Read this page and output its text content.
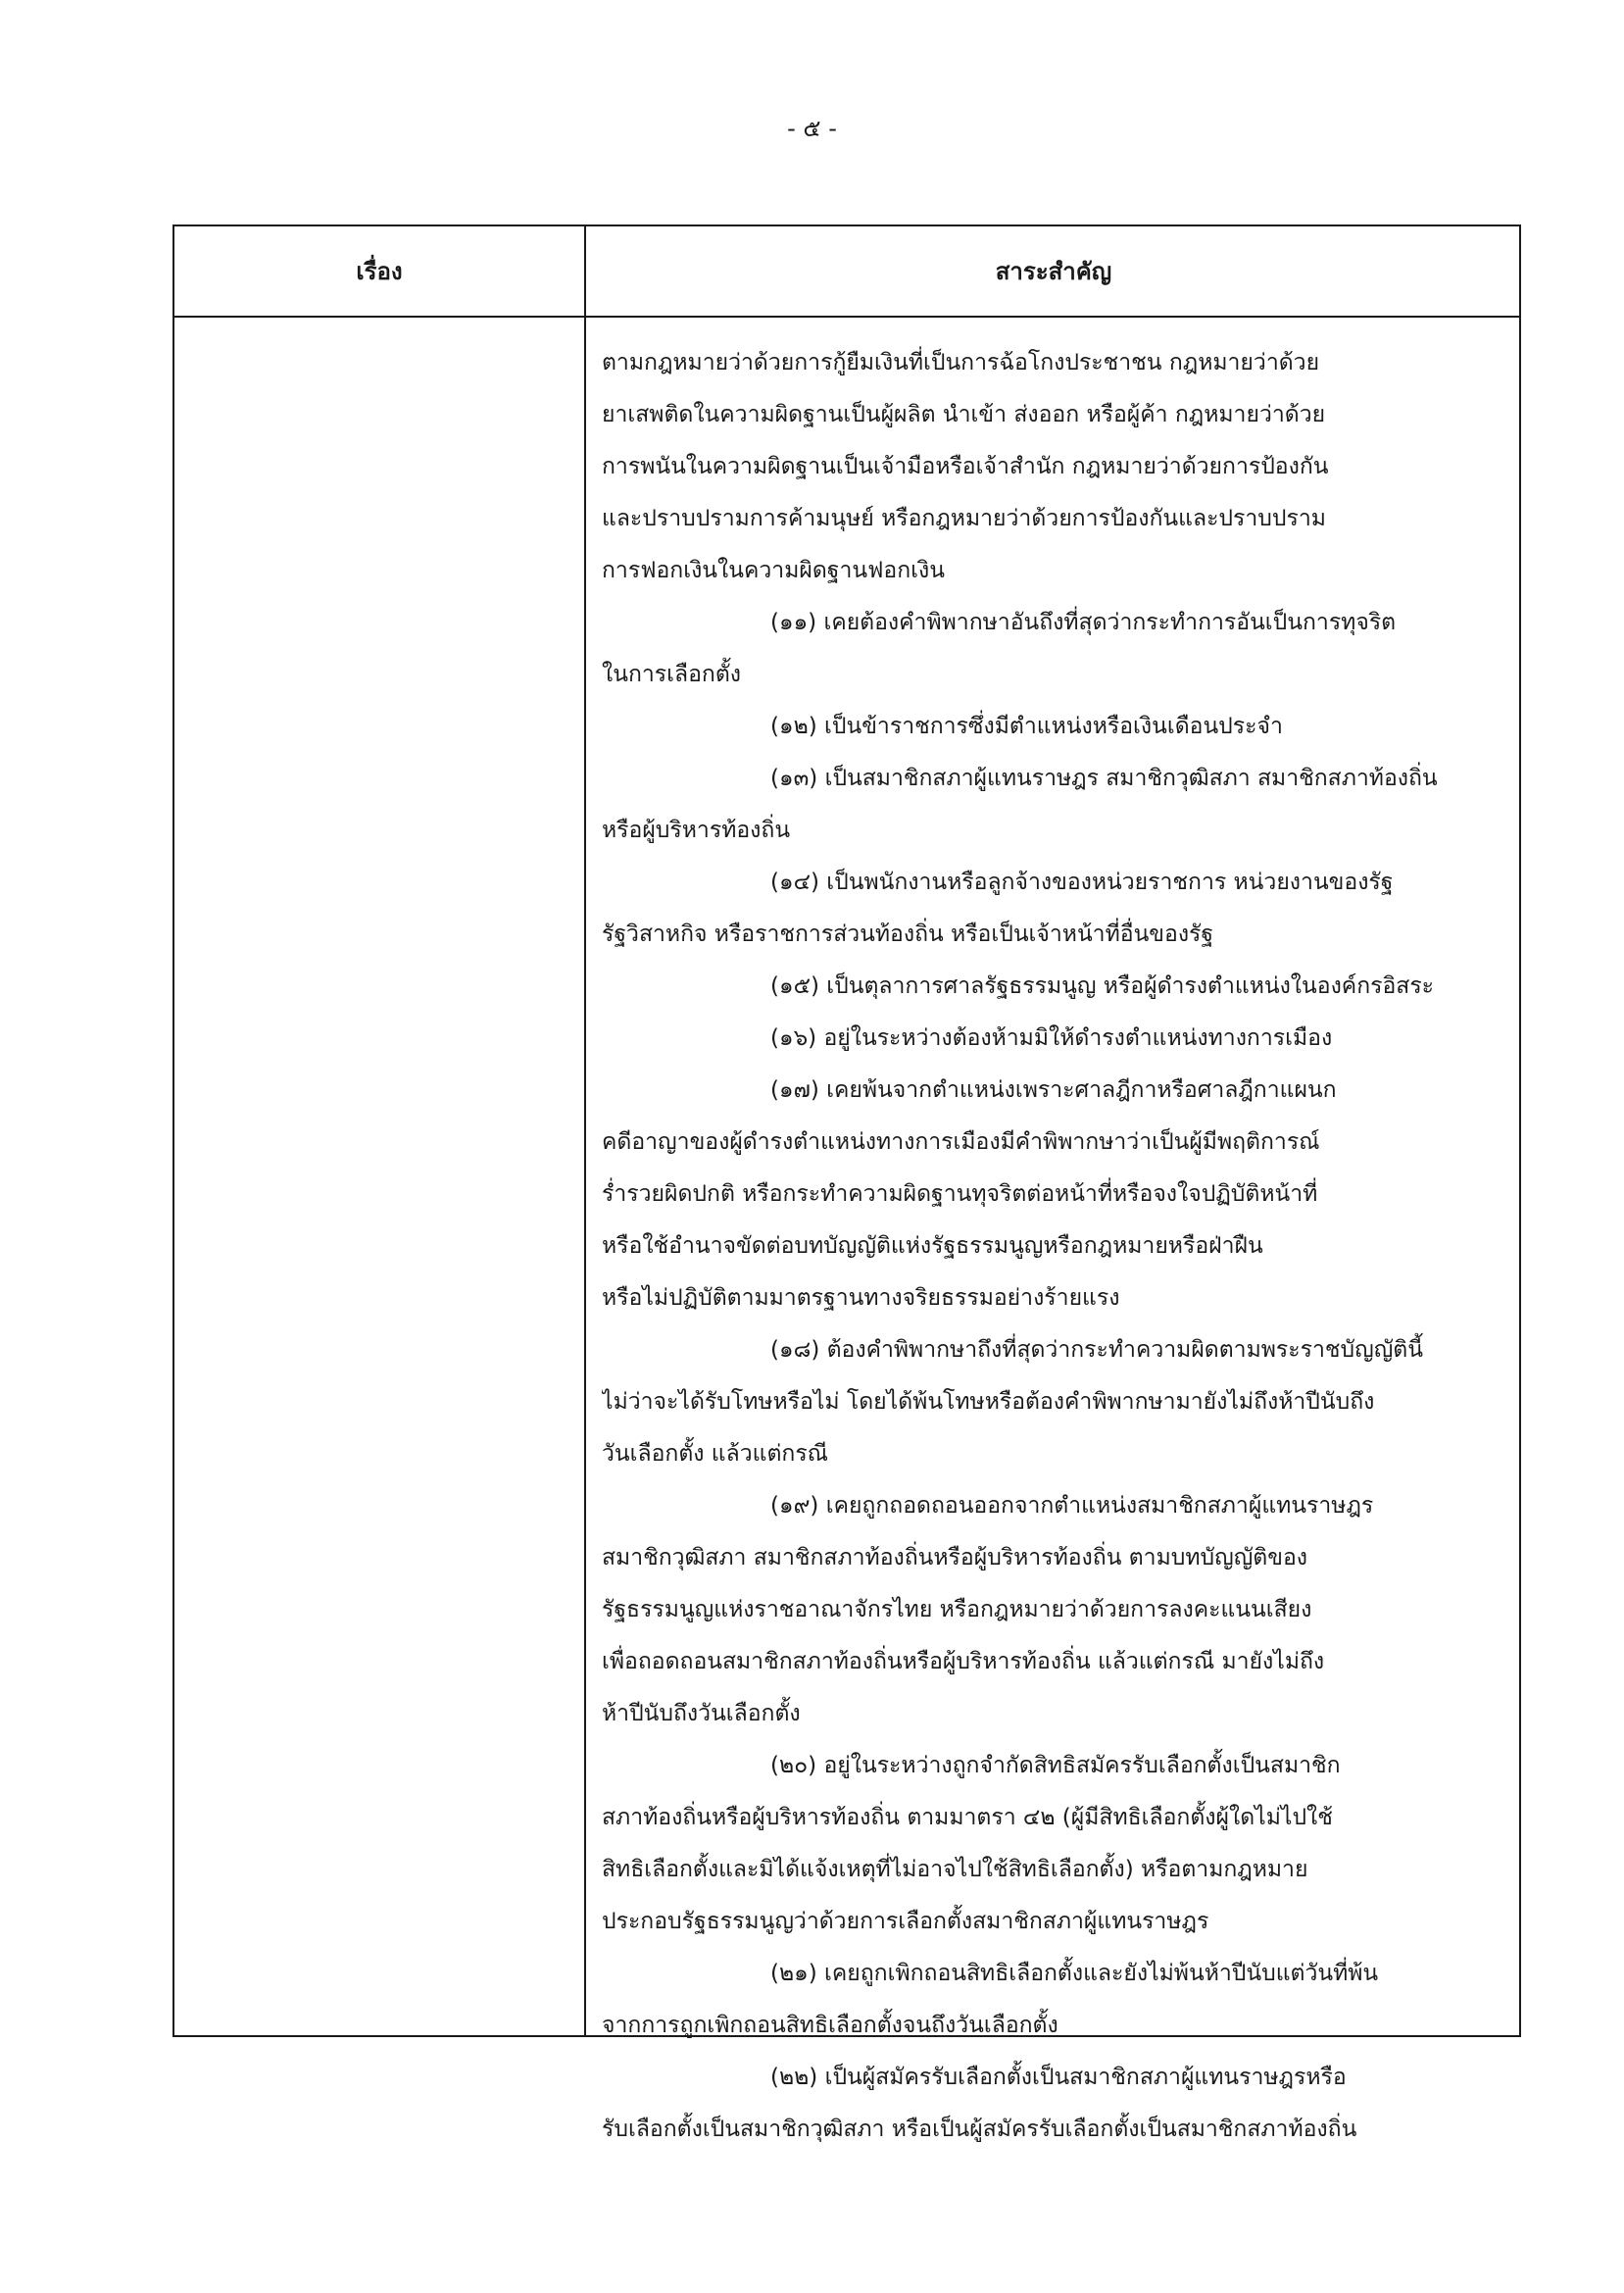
- ๕ -
เรื่อง	สาระสำคัญ
ตามกฎหมายว่าด้วยการกู้ยืมเงินที่เป็นการฉ้อโกงประชาชน กฎหมายว่าด้วย
ยาเสพติดในความผิดฐานเป็นผู้ผลิต นำเข้า ส่งออก หรือผู้ค้า กฎหมายว่าด้วย
การพนันในความผิดฐานเป็นเจ้ามือหรือเจ้าสำนัก กฎหมายว่าด้วยการป้องกัน
และปราบปรามการค้ามนุษย์ หรือกฎหมายว่าด้วยการป้องกันและปราบปราม
การฟอกเงินในความผิดฐานฟอกเงิน
(๑๑) เคยต้องคำพิพากษาอันถึงที่สุดว่ากระทำการอันเป็นการทุจริต
ในการเลือกตั้ง
(๑๒) เป็นข้าราชการซึ่งมีตำแหน่งหรือเงินเดือนประจำ
(๑๓) เป็นสมาชิกสภาผู้แทนราษฎร สมาชิกวุฒิสภา สมาชิกสภาท้องถิ่น
หรือผู้บริหารท้องถิ่น
(๑๔) เป็นพนักงานหรือลูกจ้างของหน่วยราชการ หน่วยงานของรัฐ
รัฐวิสาหกิจ หรือราชการส่วนท้องถิ่น หรือเป็นเจ้าหน้าที่อื่นของรัฐ
(๑๕) เป็นตุลาการศาลรัฐธรรมนูญ หรือผู้ดำรงตำแหน่งในองค์กรอิสระ
(๑๖) อยู่ในระหว่างต้องห้ามมิให้ดำรงตำแหน่งทางการเมือง
(๑๗) เคยพ้นจากตำแหน่งเพราะศาลฎีกาหรือศาลฎีกาแผนก
คดีอาญาของผู้ดำรงตำแหน่งทางการเมืองมีคำพิพากษาว่าเป็นผู้มีพฤติการณ์
ร่ำรวยผิดปกติ หรือกระทำความผิดฐานทุจริตต่อหน้าที่หรือจงใจปฏิบัติหน้าที่
หรือใช้อำนาจขัดต่อบทบัญญัติแห่งรัฐธรรมนูญหรือกฎหมายหรือฝ่าฝืน
หรือไม่ปฏิบัติตามมาตรฐานทางจริยธรรมอย่างร้ายแรง
(๑๘) ต้องคำพิพากษาถึงที่สุดว่ากระทำความผิดตามพระราชบัญญัตินี้
ไม่ว่าจะได้รับโทษหรือไม่ โดยได้พ้นโทษหรือต้องคำพิพากษามายังไม่ถึงห้าปีนับถึง
วันเลือกตั้ง แล้วแต่กรณี
(๑๙) เคยถูกถอดถอนออกจากตำแหน่งสมาชิกสภาผู้แทนราษฎร
สมาชิกวุฒิสภา สมาชิกสภาท้องถิ่นหรือผู้บริหารท้องถิ่น ตามบทบัญญัติของ
รัฐธรรมนูญแห่งราชอาณาจักรไทย หรือกฎหมายว่าด้วยการลงคะแนนเสียง
เพื่อถอดถอนสมาชิกสภาท้องถิ่นหรือผู้บริหารท้องถิ่น แล้วแต่กรณี มายังไม่ถึง
ห้าปีนับถึงวันเลือกตั้ง
(๒๐) อยู่ในระหว่างถูกจำกัดสิทธิสมัครรับเลือกตั้งเป็นสมาชิก
สภาท้องถิ่นหรือผู้บริหารท้องถิ่น ตามมาตรา ๔๒ (ผู้มีสิทธิเลือกตั้งผู้ใดไม่ไปใช้
สิทธิเลือกตั้งและมิได้แจ้งเหตุที่ไม่อาจไปใช้สิทธิเลือกตั้ง) หรือตามกฎหมาย
ประกอบรัฐธรรมนูญว่าด้วยการเลือกตั้งสมาชิกสภาผู้แทนราษฎร
(๒๑) เคยถูกเพิกถอนสิทธิเลือกตั้งและยังไม่พ้นห้าปีนับแต่วันที่พ้น
จากการถูกเพิกถอนสิทธิเลือกตั้งจนถึงวันเลือกตั้ง
(๒๒) เป็นผู้สมัครรับเลือกตั้งเป็นสมาชิกสภาผู้แทนราษฎรหรือ
รับเลือกตั้งเป็นสมาชิกวุฒิสภา หรือเป็นผู้สมัครรับเลือกตั้งเป็นสมาชิกสภาท้องถิ่น
